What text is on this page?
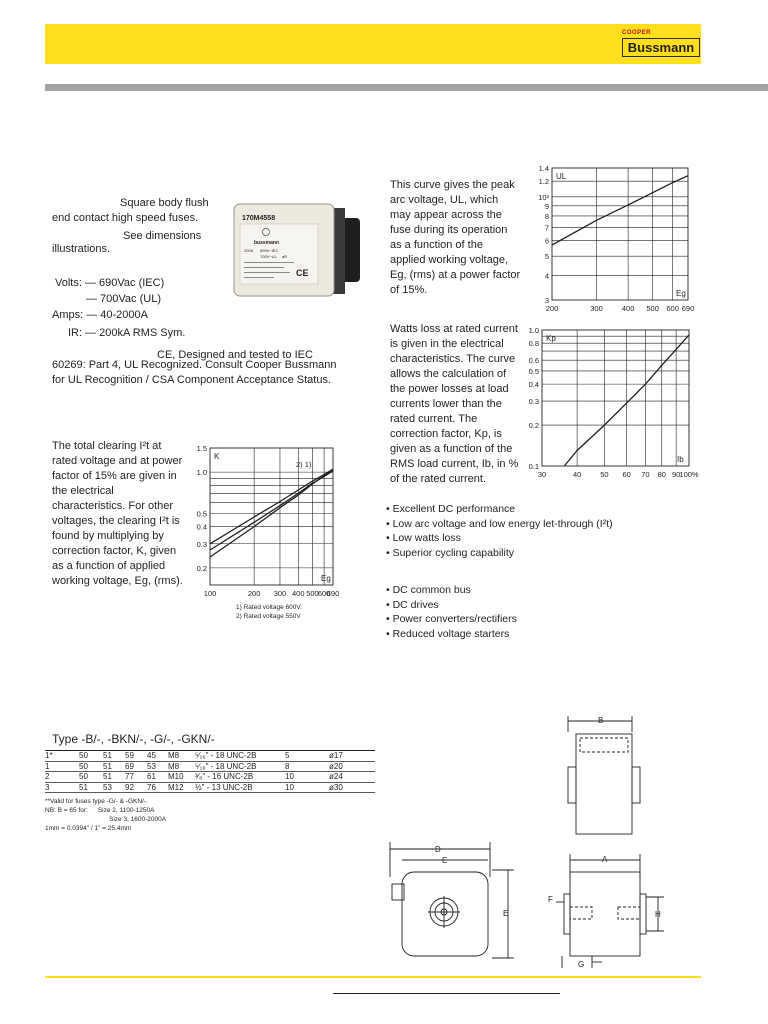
COOPER
Bussmann
Square body flush
end contact high speed fuses.
See dimensions
illustrations.
170M4558
bussmann
200A 690V~IEC
700V~UL aR
CE
Volts: — 690Vac (IEC)
— 700Vac (UL)
Amps: — 40-2000A
IR: — 200kA RMS Sym.
CE, Designed and tested to IEC
60269: Part 4, UL Recognized. Consult Cooper Bussmann
for UL Recognition / CSA Component Acceptance Status.
The total clearing I²t at
rated voltage and at power
factor of 15% are given in
the electrical
characteristics. For other
voltages, the clearing I²t is
found by multiplying by
correction factor, K, given
as a function of applied
working voltage, Eg, (rms).
This curve gives the peak
arc voltage, UL, which
may appear across the
fuse during its operation
as a function of the
applied working voltage,
Eg, (rms) at a power factor
of 15%.
Watts loss at rated current
is given in the electrical
characteristics. The curve
allows the calculation of
the power losses at load
currents lower than the
rated current. The
correction factor, Kp, is
given as a function of the
RMS load current, Ib, in %
of the rated current.
1.5
1.0
0.5
0.4
0.3
0.2
100	200 300 400 500 600
690
K
Eg
2) 1)
1) Rated voltage 600V.
2) Rated voltage 550V
1.4
1.2
10³
9
8
7
6
5
4
3
200	300	400 500 600 690
UL
Eg
1.0
0.8
0.6
0.5
0.4
0.3
0.2
0.1
30	40	50 60 70 80 90 100%
Kp
Ib
• Excellent DC performance
• Low arc voltage and low energy let-through (I²t)
• Low watts loss
• Superior cycling capability
• DC common bus
• DC drives
• Power converters/rectifiers
• Reduced voltage starters
Type -B/-, -BKN/-, -G/-, -GKN/-
1*	50	51	59	45	M8	⁵⁄₁₆" - 18 UNC-2B	5	ø17
1	50	51	69	53	M8	⁵⁄₁₆" - 18 UNC-2B	8	ø20
2	50	51	77	61	M10	³⁄₈" - 16 UNC-2B	10	ø24
3	51	53	92	76	M12	½" - 13 UNC-2B	10	ø30
**Valid for fuses type -G/- & -GKN/-.
NB: B = 65 for: Size 2, 1100-1250A
Size 3, 1600-2000A
1mm = 0.0394" / 1" = 25.4mm
B
D
E
E
A
F
H
G
